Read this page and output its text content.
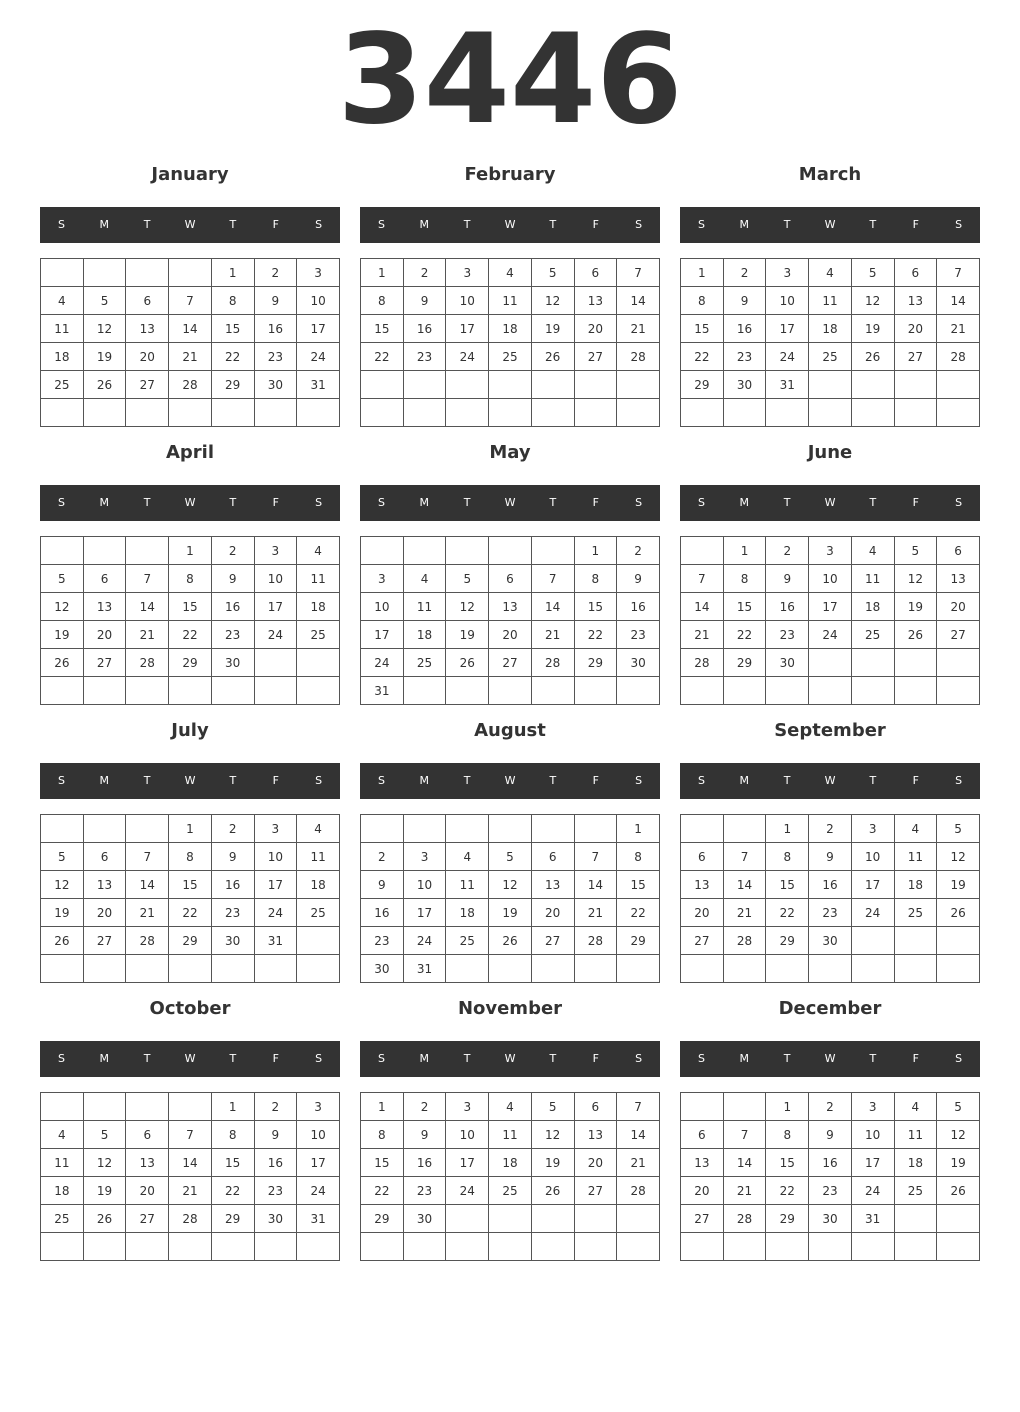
3446
January
S	M	T	W	T	F	S
				1	2	3
4	5	6	7	8	9	10
11	12	13	14	15	16	17
18	19	20	21	22	23	24
25	26	27	28	29	30	31

February
S	M	T	W	T	F	S
1	2	3	4	5	6	7
8	9	10	11	12	13	14
15	16	17	18	19	20	21
22	23	24	25	26	27	28

March
S	M	T	W	T	F	S
1	2	3	4	5	6	7
8	9	10	11	12	13	14
15	16	17	18	19	20	21
22	23	24	25	26	27	28
29	30	31				

April
S	M	T	W	T	F	S
			1	2	3	4
5	6	7	8	9	10	11
12	13	14	15	16	17	18
19	20	21	22	23	24	25
26	27	28	29	30		

May
S	M	T	W	T	F	S
					1	2
3	4	5	6	7	8	9
10	11	12	13	14	15	16
17	18	19	20	21	22	23
24	25	26	27	28	29	30
31						
June
S	M	T	W	T	F	S
	1	2	3	4	5	6
7	8	9	10	11	12	13
14	15	16	17	18	19	20
21	22	23	24	25	26	27
28	29	30				

July
S	M	T	W	T	F	S
			1	2	3	4
5	6	7	8	9	10	11
12	13	14	15	16	17	18
19	20	21	22	23	24	25
26	27	28	29	30	31	

August
S	M	T	W	T	F	S
						1
2	3	4	5	6	7	8
9	10	11	12	13	14	15
16	17	18	19	20	21	22
23	24	25	26	27	28	29
30	31					
September
S	M	T	W	T	F	S
		1	2	3	4	5
6	7	8	9	10	11	12
13	14	15	16	17	18	19
20	21	22	23	24	25	26
27	28	29	30			

October
S	M	T	W	T	F	S
				1	2	3
4	5	6	7	8	9	10
11	12	13	14	15	16	17
18	19	20	21	22	23	24
25	26	27	28	29	30	31

November
S	M	T	W	T	F	S
1	2	3	4	5	6	7
8	9	10	11	12	13	14
15	16	17	18	19	20	21
22	23	24	25	26	27	28
29	30					

December
S	M	T	W	T	F	S
		1	2	3	4	5
6	7	8	9	10	11	12
13	14	15	16	17	18	19
20	21	22	23	24	25	26
27	28	29	30	31		
